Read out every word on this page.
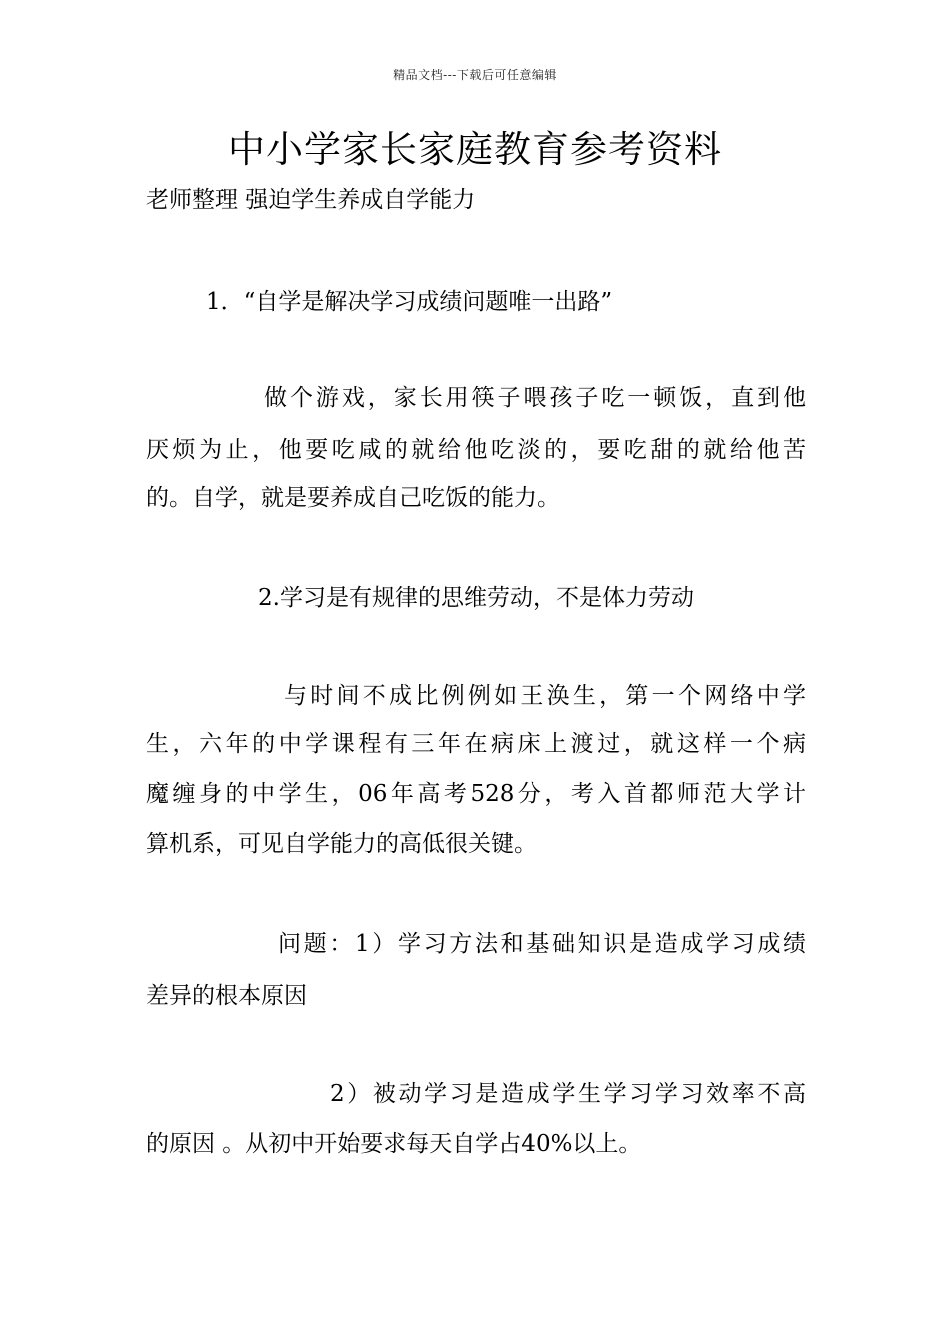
精品文档---下载后可任意编辑
中小学家长家庭教育参考资料
老师整理 强迫学生养成自学能力
1．“自学是解决学习成绩问题唯一出路”
做个游戏，家长用筷子喂孩子吃一顿饭，直到他
厌烦为止，他要吃咸的就给他吃淡的，要吃甜的就给他苦
的。自学，就是要养成自己吃饭的能力。
2.学习是有规律的思维劳动，不是体力劳动
与时间不成比例例如王涣生，第一个网络中学
生，六年的中学课程有三年在病床上渡过，就这样一个病
魔缠身的中学生，06年高考528分，考入首都师范大学计
算机系，可见自学能力的高低很关键。
问题：1）学习方法和基础知识是造成学习成绩
差异的根本原因
2）被动学习是造成学生学习学习效率不高
的原因 。从初中开始要求每天自学占40%以上。
